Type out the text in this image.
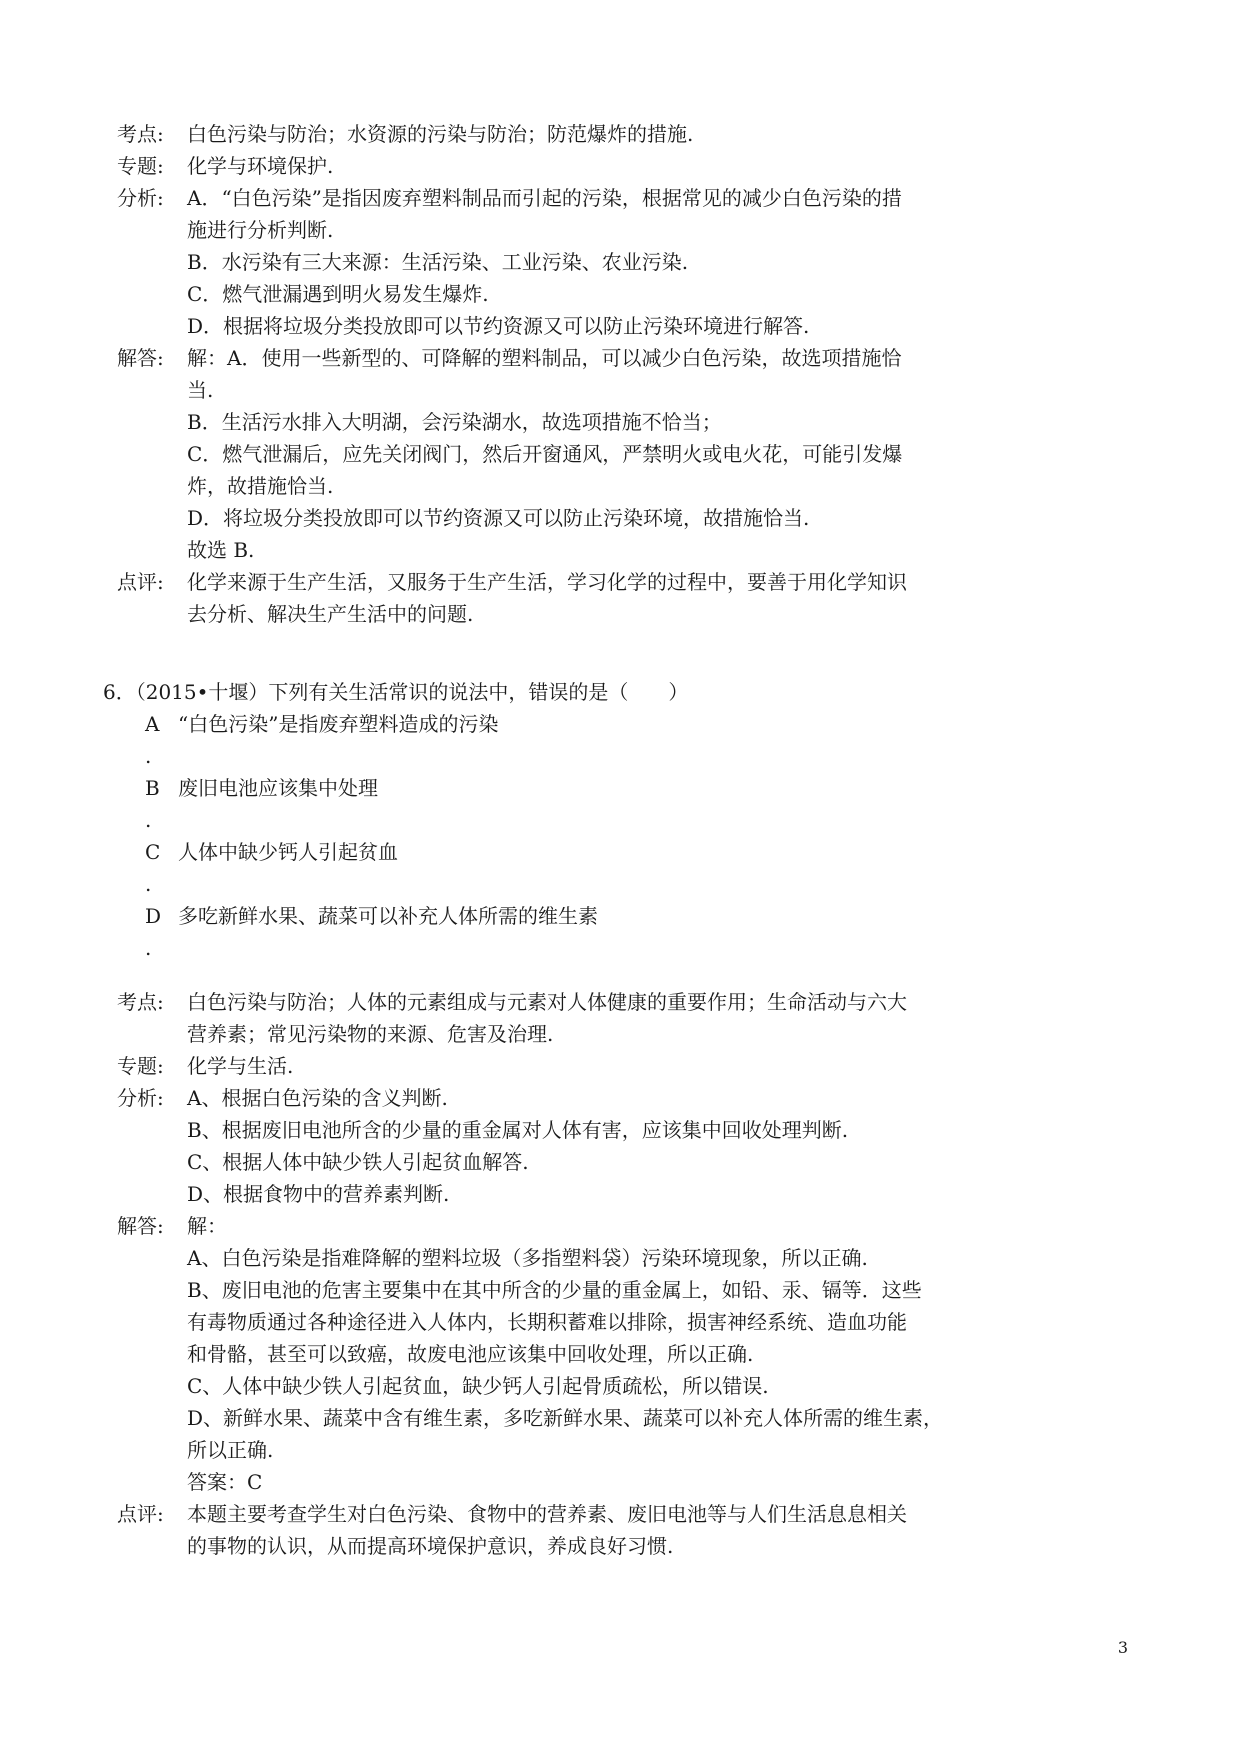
考点:	白色污染与防治；水资源的污染与防治；防范爆炸的措施.
专题:	化学与环境保护.
分析:	A．“白色污染”是指因废弃塑料制品而引起的污染，根据常见的减少白色污染的措
施进行分析判断.
B．水污染有三大来源：生活污染、工业污染、农业污染.
C．燃气泄漏遇到明火易发生爆炸.
D．根据将垃圾分类投放即可以节约资源又可以防止污染环境进行解答.
解答:	解：A．使用一些新型的、可降解的塑料制品，可以减少白色污染，故选项措施恰
当.
B．生活污水排入大明湖，会污染湖水，故选项措施不恰当；
C．燃气泄漏后，应先关闭阀门，然后开窗通风，严禁明火或电火花，可能引发爆
炸，故措施恰当.
D．将垃圾分类投放即可以节约资源又可以防止污染环境，故措施恰当.
故选 B.
点评:	化学来源于生产生活，又服务于生产生活，学习化学的过程中，要善于用化学知识
去分析、解决生产生活中的问题.
6．（2015•十堰）下列有关生活常识的说法中，错误的是（　　）
A “白色污染”是指废弃塑料造成的污染
.
B 废旧电池应该集中处理
.
C 人体中缺少钙人引起贫血
.
D 多吃新鲜水果、蔬菜可以补充人体所需的维生素
.
考点:	白色污染与防治；人体的元素组成与元素对人体健康的重要作用；生命活动与六大
营养素；常见污染物的来源、危害及治理.
专题:	化学与生活.
分析:	A、根据白色污染的含义判断.
B、根据废旧电池所含的少量的重金属对人体有害，应该集中回收处理判断.
C、根据人体中缺少铁人引起贫血解答.
D、根据食物中的营养素判断.
解答:	解：
A、白色污染是指难降解的塑料垃圾（多指塑料袋）污染环境现象，所以正确.
B、废旧电池的危害主要集中在其中所含的少量的重金属上，如铅、汞、镉等．这些
有毒物质通过各种途径进入人体内，长期积蓄难以排除，损害神经系统、造血功能
和骨骼，甚至可以致癌，故废电池应该集中回收处理，所以正确.
C、人体中缺少铁人引起贫血，缺少钙人引起骨质疏松，所以错误.
D、新鲜水果、蔬菜中含有维生素，多吃新鲜水果、蔬菜可以补充人体所需的维生素，
所以正确.
答案：C
点评:	本题主要考查学生对白色污染、食物中的营养素、废旧电池等与人们生活息息相关
的事物的认识，从而提高环境保护意识，养成良好习惯.
3
